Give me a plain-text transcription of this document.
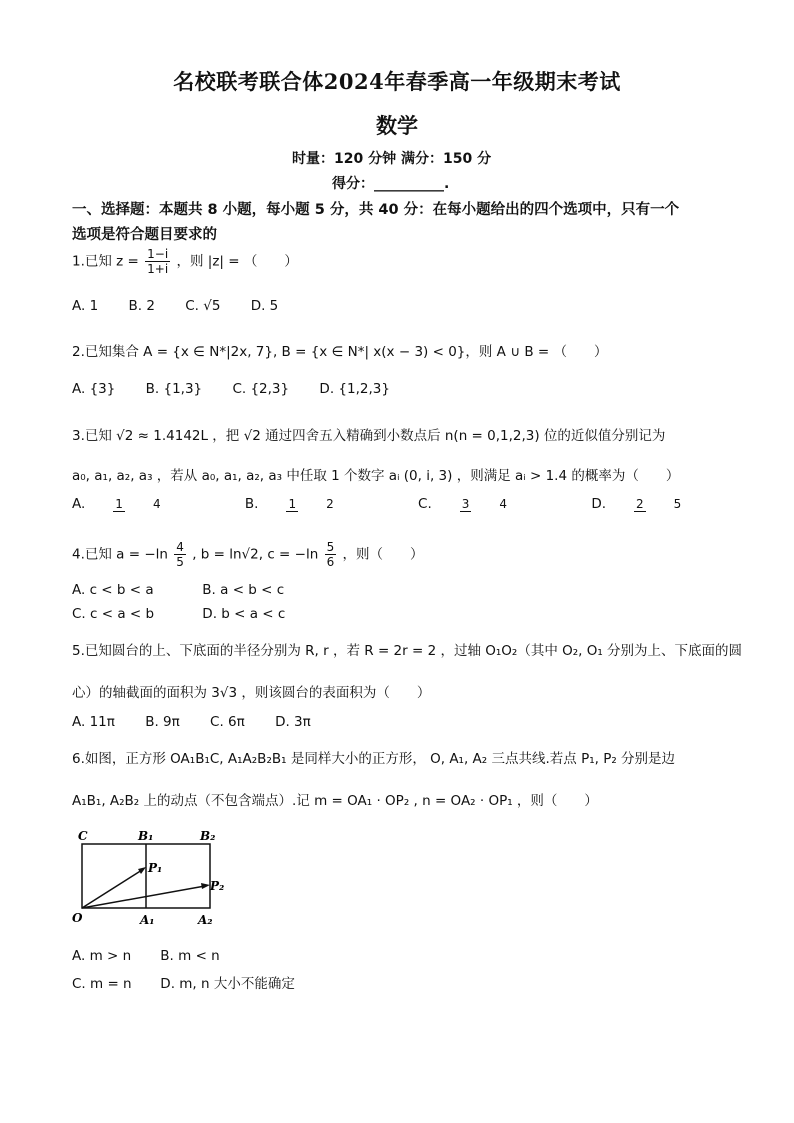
名校联考联合体2024年春季高一年级期末考试
数学
时量：120 分钟 满分：150 分
得分：__________.
一、选择题：本题共 8 小题，每小题 5 分，共 40 分：在每小题给出的四个选项中，只有一个
选项是符合题目要求的
1.已知 $z = \frac{1-i}{1+i}$ ，则 |z| = （　　）
A. 1 B. 2 C. √5 D. 5
2.已知集合 A = {x ∈ N*|2x, 7}, B = {x ∈ N*| x(x − 3) < 0}，则 A ∪ B = （　　）
A. {3} B. {1,3} C. {2,3} D. {1,2,3}
3.已知 √2 ≈ 1.4142L ，把 √2 通过四舍五入精确到小数点后 n(n = 0,1,2,3) 位的近似值分别记为
a₀, a₁, a₂, a₃ ，若从 a₀, a₁, a₂, a₃ 中任取 1 个数字 aᵢ (0, i, 3) ，则满足 aᵢ > 1.4 的概率为（　　）
A.	1	4	B.	1	2	C.	3	4	D.	2	5
4.已知 $a = -\ln \frac{4}{5}$ , b = ln√2, $c = -\ln \frac{5}{6}$ ，则（　　）
A. c < b < a	B. a < b < c
C. c < a < b	D. b < a < c
5.已知圆台的上、下底面的半径分别为 R, r ，若 R = 2r = 2 ，过轴 O₁O₂（其中 O₂, O₁ 分别为上、下底面的圆
心）的轴截面的面积为 3√3 ，则该圆台的表面积为（　　）
A. 11π B. 9π C. 6π D. 3π
6.如图，正方形 OA₁B₁C, A₁A₂B₂B₁ 是同样大小的正方形， O, A₁, A₂ 三点共线.若点 P₁, P₂ 分别是边
A₁B₁, A₂B₂ 上的动点（不包含端点）.记 m = OA₁ · OP₂ , n = OA₂ · OP₁ ，则（　　）
C	B₁	B₂
P₁
P₂
O	A₁	A₂
A. m > n B. m < n
C. m = n D. m, n 大小不能确定
